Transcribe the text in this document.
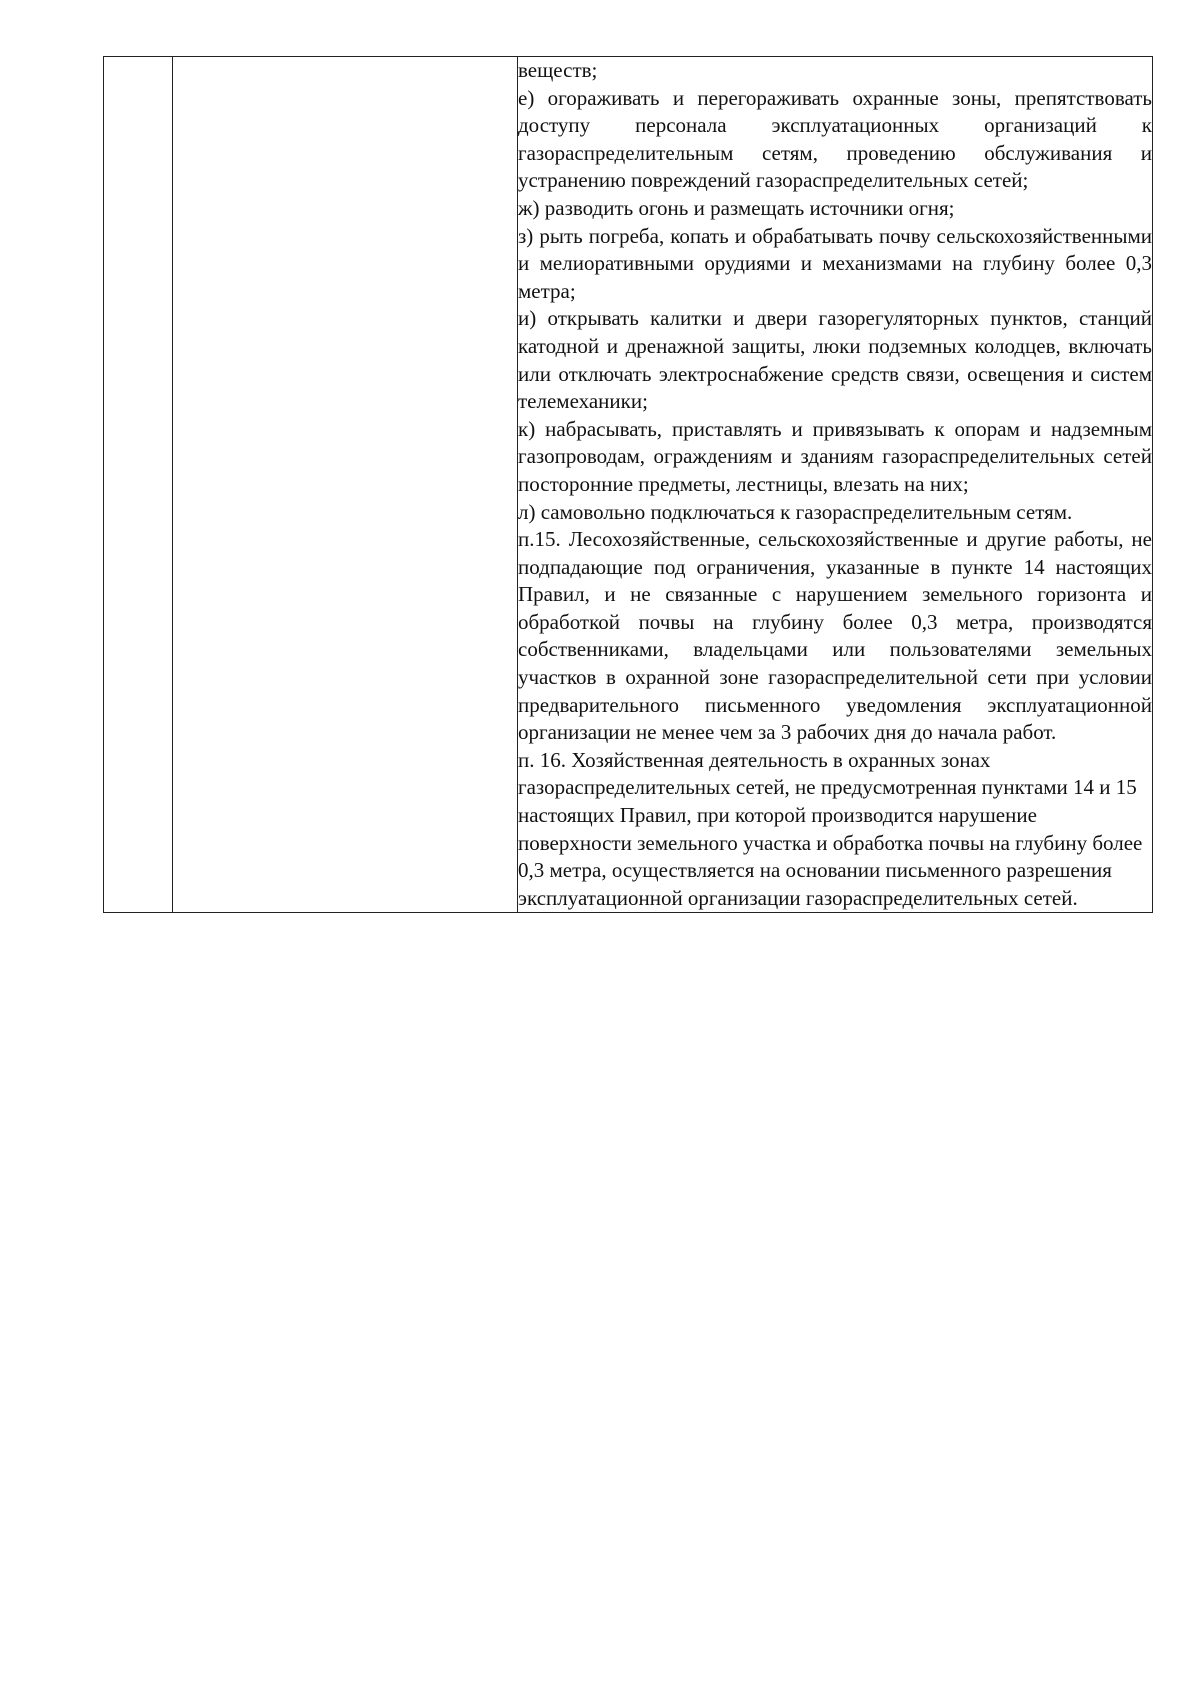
веществ;

е) огораживать и перегораживать охранные зоны, препятствовать доступу персонала эксплуатационных организаций к газораспределительным сетям, проведению обслуживания и устранению повреждений газораспределительных сетей;

ж) разводить огонь и размещать источники огня;

з) рыть погреба, копать и обрабатывать почву сельскохозяйственными и мелиоративными орудиями и механизмами на глубину более 0,3 метра;

и) открывать калитки и двери газорегуляторных пунктов, станций катодной и дренажной защиты, люки подземных колодцев, включать или отключать электроснабжение средств связи, освещения и систем телемеханики;

к) набрасывать, приставлять и привязывать к опорам и надземным газопроводам, ограждениям и зданиям газораспределительных сетей посторонние предметы, лестницы, влезать на них;

л) самовольно подключаться к газораспределительным сетям.

п.15. Лесохозяйственные, сельскохозяйственные и другие работы, не подпадающие под ограничения, указанные в пункте 14 настоящих Правил, и не связанные с нарушением земельного горизонта и обработкой почвы на глубину более 0,3 метра, производятся собственниками, владельцами или пользователями земельных участков в охранной зоне газораспределительной сети при условии предварительного письменного уведомления эксплуатационной организации не менее чем за 3 рабочих дня до начала работ.

п. 16. Хозяйственная деятельность в охранных зонах газораспределительных сетей, не предусмотренная пунктами 14 и 15 настоящих Правил, при которой производится нарушение поверхности земельного участка и обработка почвы на глубину более 0,3 метра, осуществляется на основании письменного разрешения эксплуатационной организации газораспределительных сетей.
